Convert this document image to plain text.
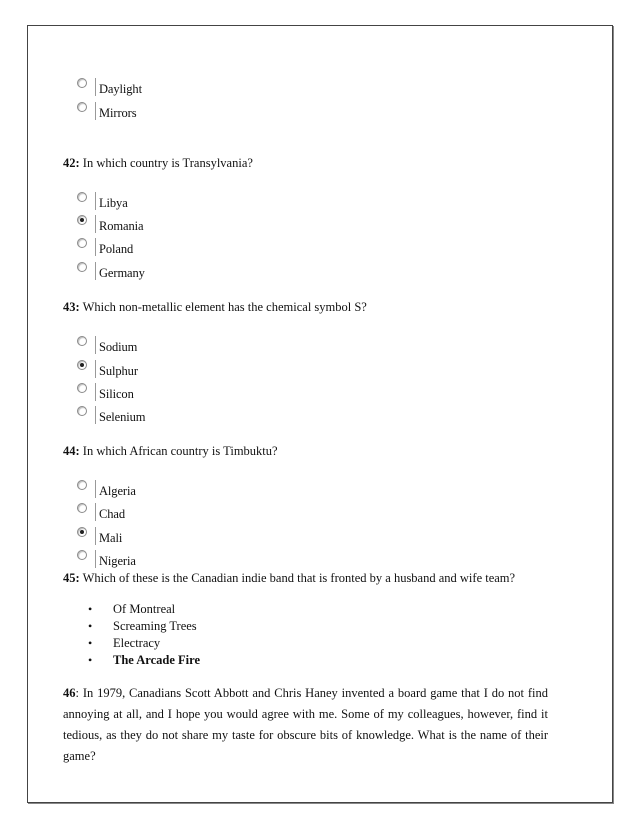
Daylight
Mirrors
42: In which country is Transylvania?
Libya
Romania
Poland
Germany
43: Which non-metallic element has the chemical symbol S?
Sodium
Sulphur
Silicon
Selenium
44: In which African country is Timbuktu?
Algeria
Chad
Mali
Nigeria
45: Which of these is the Canadian indie band that is fronted by a husband and wife team?
• Of Montreal
• Screaming Trees
• Electracy
• The Arcade Fire
46: In 1979, Canadians Scott Abbott and Chris Haney invented a board game that I do not find annoying at all, and I hope you would agree with me. Some of my colleagues, however, find it tedious, as they do not share my taste for obscure bits of knowledge. What is the name of their game?
